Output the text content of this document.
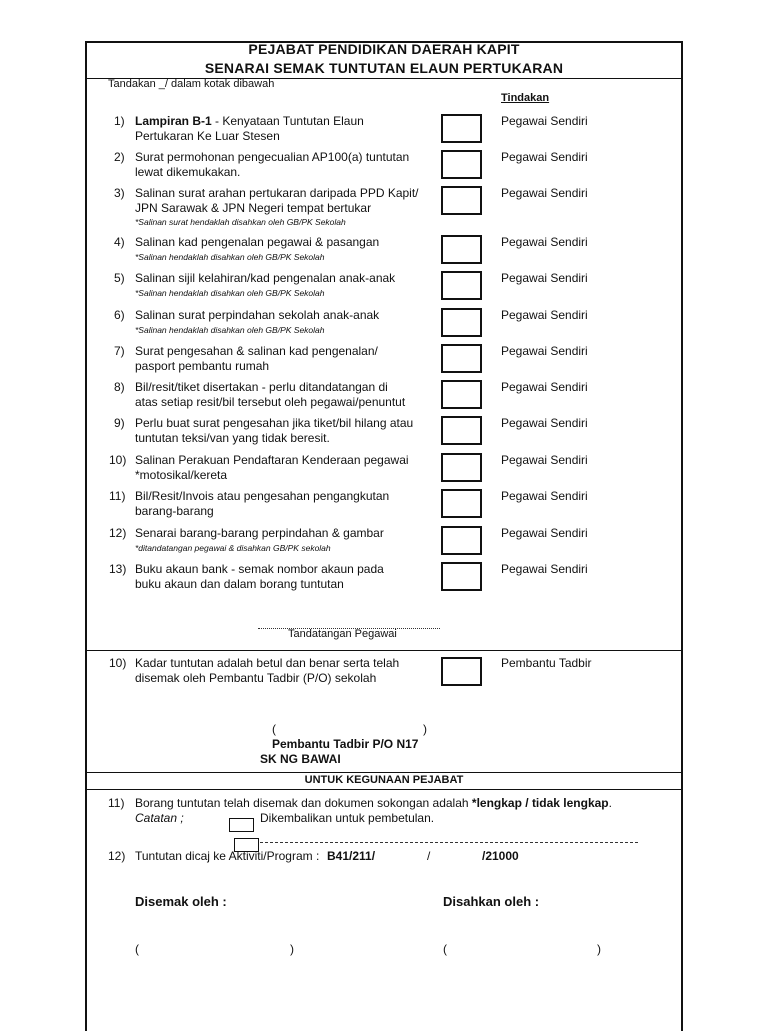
PEJABAT PENDIDIKAN DAERAH KAPIT
SENARAI SEMAK TUNTUTAN ELAUN PERTUKARAN
Tandakan _/ dalam kotak dibawah
Tindakan
Tandatangan Pegawai
10) Kadar tuntutan adalah betul dan benar serta telah
disemak oleh Pembantu Tadbir (P/O) sekolah
Pembantu Tadbir
(	)
Pembantu Tadbir P/O N17
SK NG BAWAI
UNTUK KEGUNAAN PEJABAT
11) Borang tuntutan telah disemak dan dokumen sokongan adalah *lengkap / tidak lengkap.
Catatan ;	Dikembalikan untuk pembetulan.
12) Tuntutan dicaj ke Aktiviti/Program : B41/211/	/	/21000
Disemak oleh :	Disahkan oleh :
(	)	(	)
1) Lampiran B-1 - Kenyataan Tuntutan Elaun
Pertukaran Ke Luar Stesen
Pegawai Sendiri
2) Surat permohonan pengecualian AP100(a) tuntutan
lewat dikemukakan.
Pegawai Sendiri
3) Salinan surat arahan pertukaran daripada PPD Kapit/
JPN Sarawak & JPN Negeri tempat bertukar
*Salinan surat hendaklah disahkan oleh GB/PK Sekolah
Pegawai Sendiri
4) Salinan kad pengenalan pegawai & pasangan
*Salinan hendaklah disahkan oleh GB/PK Sekolah
Pegawai Sendiri
5) Salinan sijil kelahiran/kad pengenalan anak-anak
*Salinan hendaklah disahkan oleh GB/PK Sekolah
Pegawai Sendiri
6) Salinan surat perpindahan sekolah anak-anak
*Salinan hendaklah disahkan oleh GB/PK Sekolah
Pegawai Sendiri
7) Surat pengesahan & salinan kad pengenalan/
pasport pembantu rumah
Pegawai Sendiri
8) Bil/resit/tiket disertakan - perlu ditandatangan di
atas setiap resit/bil tersebut oleh pegawai/penuntut
Pegawai Sendiri
9) Perlu buat surat pengesahan jika tiket/bil hilang atau
tuntutan teksi/van yang tidak beresit.
Pegawai Sendiri
10) Salinan Perakuan Pendaftaran Kenderaan pegawai
*motosikal/kereta
Pegawai Sendiri
11) Bil/Resit/Invois atau pengesahan pengangkutan
barang-barang
Pegawai Sendiri
12) Senarai barang-barang perpindahan & gambar
*ditandatangan pegawai & disahkan GB/PK sekolah
Pegawai Sendiri
13) Buku akaun bank - semak nombor akaun pada
buku akaun dan dalam borang tuntutan
Pegawai Sendiri
